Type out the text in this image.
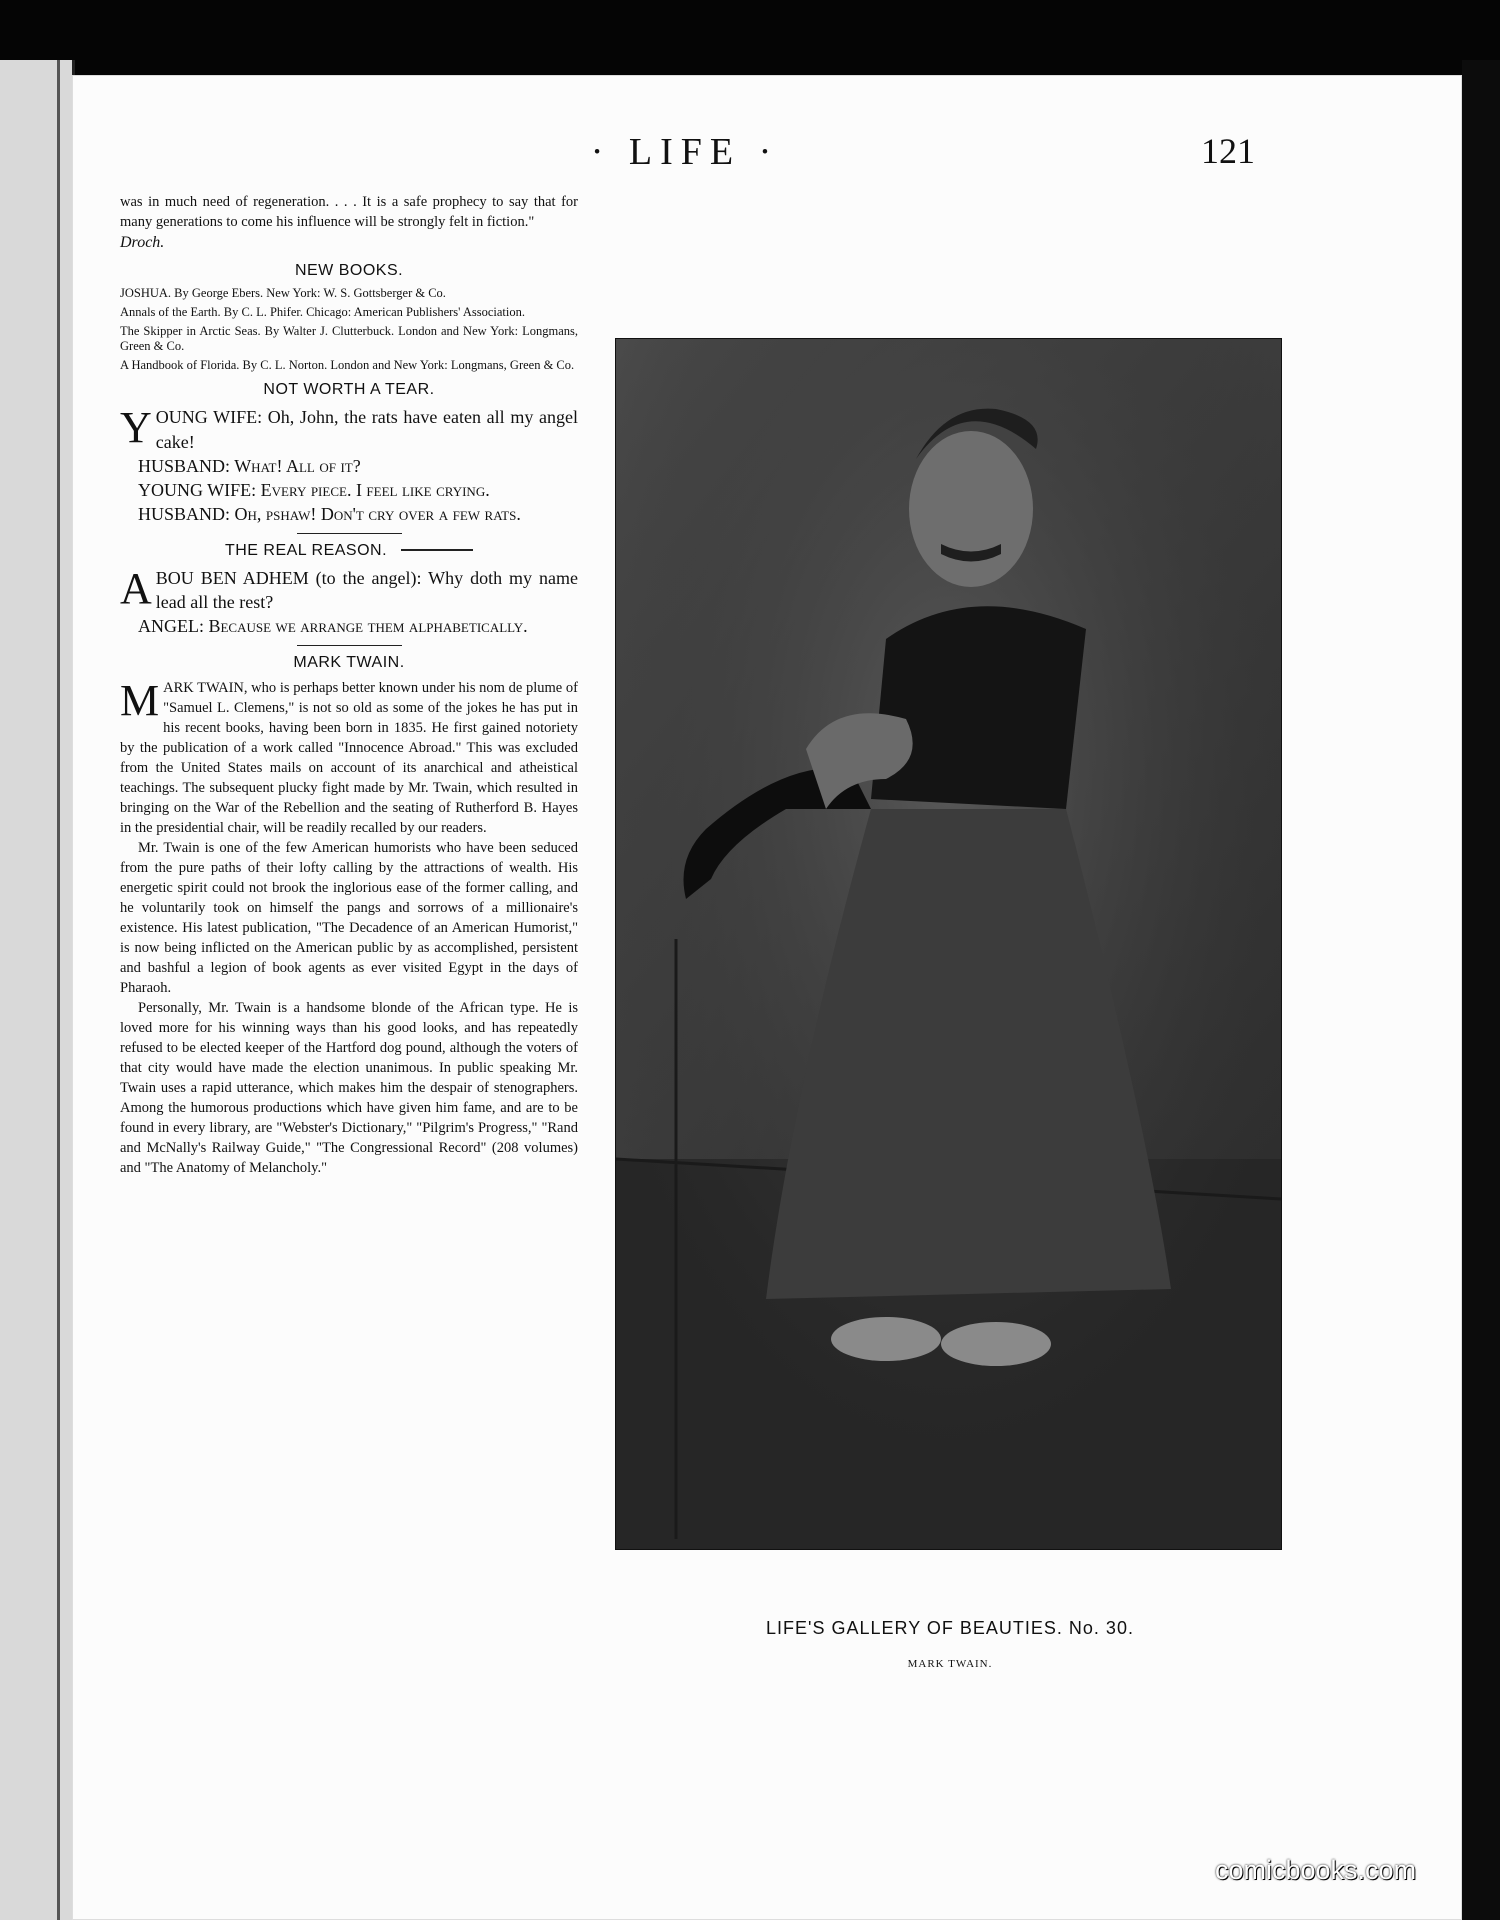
· LIFE ·	121

was in much need of regeneration. . . . It is a safe prophecy to say that for many generations to come his influence will be strongly felt in fiction."

Droch.

NEW BOOKS.

JOSHUA. By George Ebers. New York: W. S. Gottsberger & Co.

Annals of the Earth. By C. L. Phifer. Chicago: American Publishers' Association.

The Skipper in Arctic Seas. By Walter J. Clutterbuck. London and New York: Longmans, Green & Co.

A Handbook of Florida. By C. L. Norton. London and New York: Longmans, Green & Co.

NOT WORTH A TEAR.

YOUNG WIFE: Oh, John, the rats have eaten all my angel cake!

HUSBAND: What! All of it?

YOUNG WIFE: Every piece. I feel like crying.

HUSBAND: Oh, pshaw! Don't cry over a few rats.

THE REAL REASON.

ABOU BEN ADHEM (to the angel): Why doth my name lead all the rest?

ANGEL: Because we arrange them alphabetically.

MARK TWAIN.

MARK TWAIN, who is perhaps better known under his nom de plume of "Samuel L. Clemens," is not so old as some of the jokes he has put in his recent books, having been born in 1835. He first gained notoriety by the publication of a work called "Innocence Abroad." This was excluded from the United States mails on account of its anarchical and atheistical teachings. The subsequent plucky fight made by Mr. Twain, which resulted in bringing on the War of the Rebellion and the seating of Rutherford B. Hayes in the presidential chair, will be readily recalled by our readers.

Mr. Twain is one of the few American humorists who have been seduced from the pure paths of their lofty calling by the attractions of wealth. His energetic spirit could not brook the inglorious ease of the former calling, and he voluntarily took on himself the pangs and sorrows of a millionaire's existence. His latest publication, "The Decadence of an American Humorist," is now being inflicted on the American public by as accomplished, persistent and bashful a legion of book agents as ever visited Egypt in the days of Pharaoh.

Personally, Mr. Twain is a handsome blonde of the African type. He is loved more for his winning ways than his good looks, and has repeatedly refused to be elected keeper of the Hartford dog pound, although the voters of that city would have made the election unanimous. In public speaking Mr. Twain uses a rapid utterance, which makes him the despair of stenographers. Among the humorous productions which have given him fame, and are to be found in every library, are "Webster's Dictionary," "Pilgrim's Progress," "Rand and McNally's Railway Guide," "The Congressional Record" (208 volumes) and "The Anatomy of Melancholy."

LIFE'S GALLERY OF BEAUTIES. No. 30.
MARK TWAIN.
comicbooks.com
